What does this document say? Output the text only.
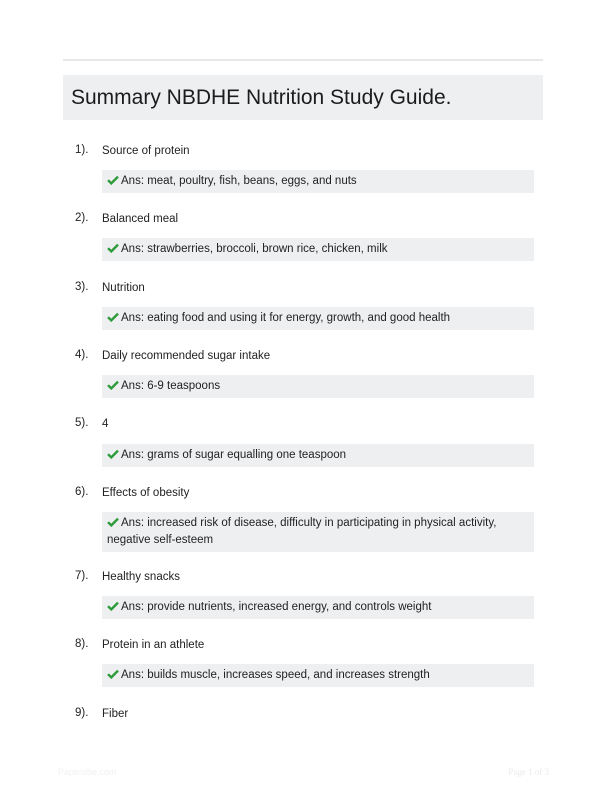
Summary NBDHE Nutrition Study Guide.
1). Source of protein
Ans: meat, poultry, fish, beans, eggs, and nuts
2). Balanced meal
Ans: strawberries, broccoli, brown rice, chicken, milk
3). Nutrition
Ans: eating food and using it for energy, growth, and good health
4). Daily recommended sugar intake
Ans: 6-9 teaspoons
5). 4
Ans: grams of sugar equalling one teaspoon
6). Effects of obesity
Ans: increased risk of disease, difficulty in participating in physical activity, negative self-esteem
7). Healthy snacks
Ans: provide nutrients, increased energy, and controls weight
8). Protein in an athlete
Ans: builds muscle, increases speed, and increases strength
9). Fiber
Paperdbe.com	Page 1 of 3
